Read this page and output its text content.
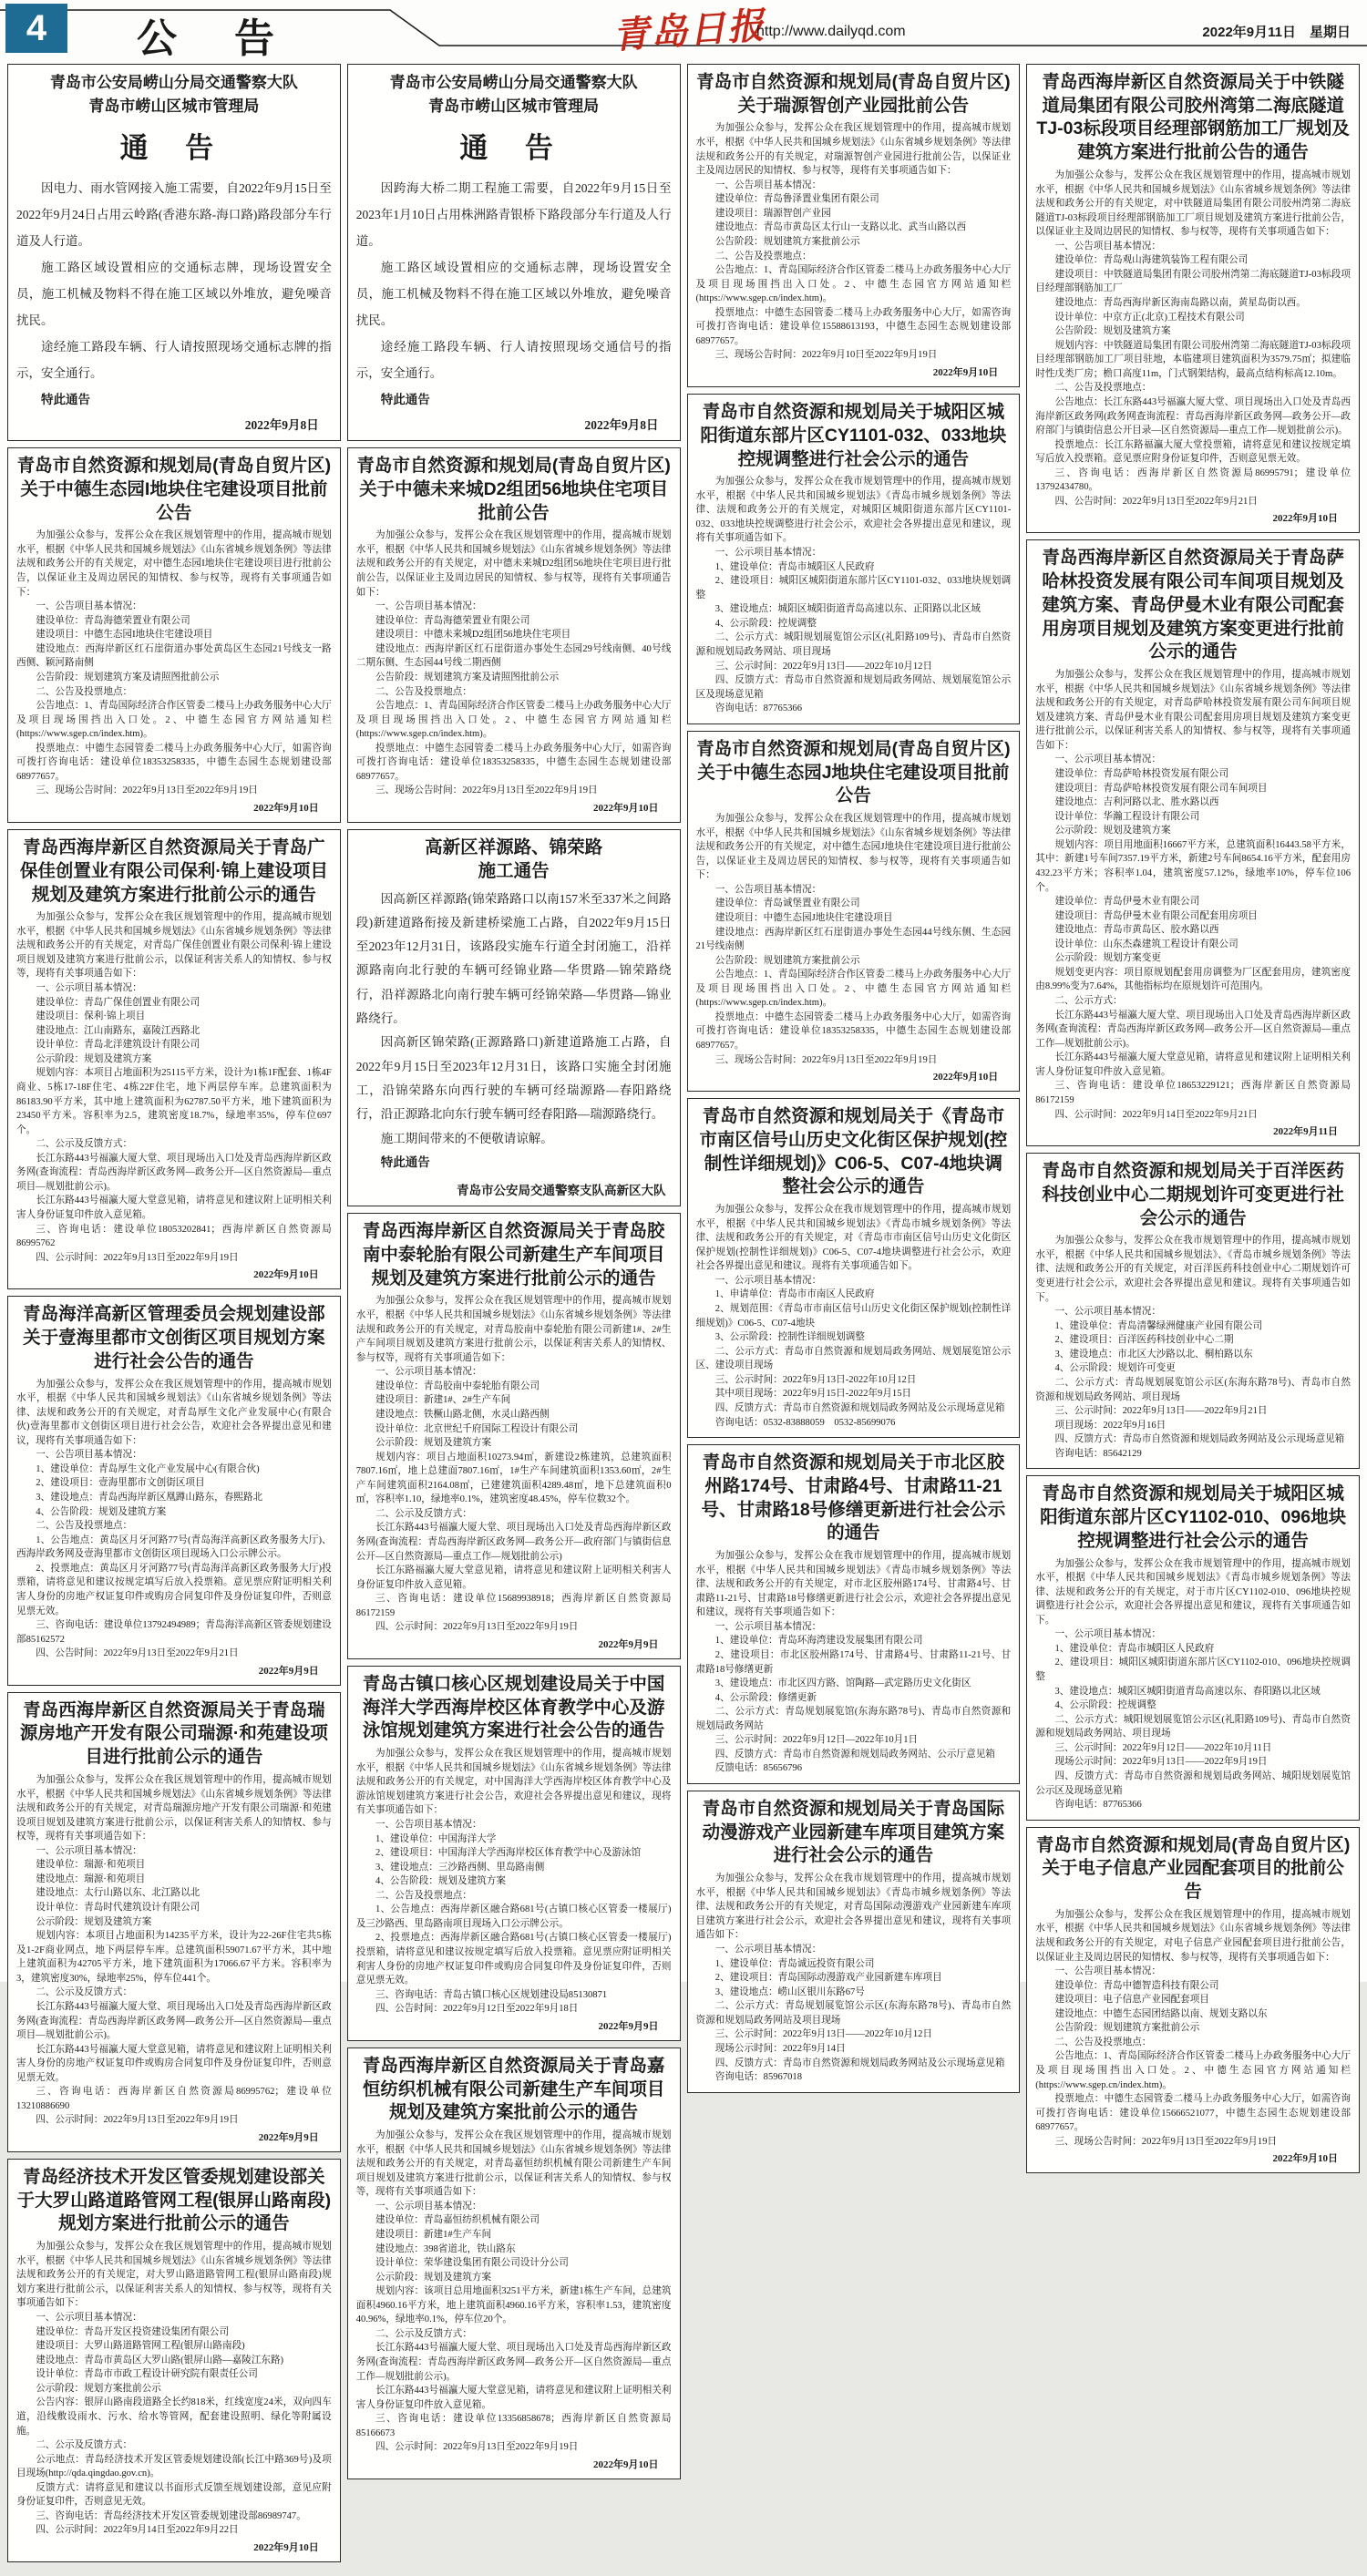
4	公 告	青岛日报
http://www.dailyqd.com	2022年9月11日　星期日
青岛市公安局崂山分局交通警察大队
青岛市崂山区城市管理局
通 告

因电力、雨水管网接入施工需要，自2022年9月15日至2022年9月24日占用云岭路(香港东路-海口路)路段部分车行道及人行道。

施工路区域设置相应的交通标志牌，现场设置安全员，施工机械及物料不得在施工区域以外堆放，避免噪音扰民。

途经施工路段车辆、行人请按照现场交通标志牌的指示，安全通行。

特此通告

2022年9月8日
青岛市自然资源和规划局(青岛自贸片区)关于中德生态园I地块住宅建设项目批前公告

为加强公众参与，发挥公众在我区规划管理中的作用，提高城市规划水平，根据《中华人民共和国城乡规划法》《山东省城乡规划条例》等法律法规和政务公开的有关规定，对中德生态园I地块住宅建设项目进行批前公告，以保证业主及周边居民的知情权、参与权等，现将有关事项通告如下：

一、公告项目基本情况：

建设单位：青岛海德荣置业有限公司

建设项目：中德生态园I地块住宅建设项目

建设地点：西海岸新区红石崖街道办事处黄岛区生态园21号线支一路西侧、颖河路南侧

公告阶段：规划建筑方案及请照图批前公示

二、公告及投票地点：

公告地点：1、青岛国际经济合作区管委二楼马上办政务服务中心大厅及项目现场围挡出入口处。2、中德生态园官方网站通知栏(https://www.sgep.cn/index.htm)。

投票地点：中德生态园管委二楼马上办政务服务中心大厅，如需咨询可拨打咨询电话：建设单位18353258335，中德生态园生态规划建设部68977657。

三、现场公告时间：2022年9月13日至2022年9月19日

2022年9月10日
青岛西海岸新区自然资源局关于青岛广保佳创置业有限公司保利·锦上建设项目规划及建筑方案进行批前公示的通告

为加强公众参与，发挥公众在我区规划管理中的作用，提高城市规划水平，根据《中华人民共和国城乡规划法》《山东省城乡规划条例》等法律法规和政务公开的有关规定，对青岛广保佳创置业有限公司保利·锦上建设项目规划及建筑方案进行批前公示，以保证利害关系人的知情权、参与权等，现将有关事项通告如下：

一、公示项目基本情况：

建设单位：青岛广保佳创置业有限公司

建设项目：保利·锦上项目

建设地点：江山南路东，嘉陵江西路北

设计单位：青岛北洋建筑设计有限公司

公示阶段：规划及建筑方案

规划内容：本项目占地面积为25115平方米，设计为1栋1F配套、1栋4F商业、5栋17-18F住宅、4栋22F住宅，地下两层停车库。总建筑面积为86183.90平方米，其中地上建筑面积为62787.50平方米，地下建筑面积为23450平方米。容积率为2.5，建筑密度18.7%，绿地率35%，停车位697个。

二、公示及反馈方式：

长江东路443号福瀛大厦大堂、项目现场出入口处及青岛西海岸新区政务网(查询流程：青岛西海岸新区政务网—政务公开—区自然资源局—重点项目—规划批前公示)。

长江东路443号福瀛大厦大堂意见箱，请将意见和建议附上证明相关利害人身份证复印件放入意见箱。

三、咨询电话：建设单位18053202841；西海岸新区自然资源局86995762

四、公示时间：2022年9月13日至2022年9月19日

2022年9月10日
青岛海洋高新区管理委员会规划建设部关于壹海里都市文创街区项目规划方案进行社会公告的通告

为加强公众参与，发挥公众在我区规划管理中的作用，提高城市规划水平，根据《中华人民共和国城乡规划法》《山东省城乡规划条例》等法律、法规和政务公开的有关规定，对青岛厚生文化产业发展中心(有限合伙)壹海里都市文创街区项目进行社会公告，欢迎社会各界提出意见和建议，现将有关事项通告如下：

一、公告项目基本情况：

1、建设单位：青岛厚生文化产业发展中心(有限合伙)

2、建设项目：壹海里都市文创街区项目

3、建设地点：青岛西海岸新区凰蹲山路东，春熙路北

4、公告阶段：规划及建筑方案

二、公告及投票地点：

1、公告地点：黄岛区月牙河路77号(青岛海洋高新区政务服务大厅)、西海岸政务网及壹海里都市文创街区项目现场入口公示牌公示。

2、投票地点：黄岛区月牙河路77号(青岛海洋高新区政务服务大厅)投票箱，请将意见和建议按规定填写后放入投票箱。意见票应附证明相关利害人身份的房地产权证复印件或购房合同复印件及身份证复印件，否则意见票无效。

三、咨询电话：建设单位13792494989；青岛海洋高新区管委规划建设部85162572

四、公告时间：2022年9月13日至2022年9月21日

2022年9月9日
青岛西海岸新区自然资源局关于青岛瑞源房地产开发有限公司瑞源·和苑建设项目进行批前公示的通告

为加强公众参与，发挥公众在我区规划管理中的作用，提高城市规划水平，根据《中华人民共和国城乡规划法》《山东省城乡规划条例》等法律法规和政务公开的有关规定，对青岛瑞源房地产开发有限公司瑞源·和苑建设项目规划及建筑方案进行批前公示，以保证利害关系人的知情权、参与权等，现将有关事项通告如下：

一、公示项目基本情况：

建设单位：瑞源·和苑项目

建设地点：瑞源·和苑项目

建设地点：太行山路以东、北江路以北

设计单位：青岛时代建筑设计有限公司

公示阶段：规划及建筑方案

规划内容：本项目占地面积为14235平方米，设计为22-26F住宅共5栋及1-2F商业网点，地下两层停车库。总建筑面积59071.67平方米，其中地上建筑面积为42705平方米，地下建筑面积为17066.67平方米。容积率为3，建筑密度30%，绿地率25%，停车位441个。

二、公示及反馈方式：

长江东路443号福瀛大厦大堂、项目现场出入口处及青岛西海岸新区政务网(查询流程：青岛西海岸新区政务网—政务公开—区自然资源局—重点项目—规划批前公示)。

长江东路443号福瀛大厦大堂意见箱，请将意见和建议附上证明相关利害人身份的房地产权证复印件或购房合同复印件及身份证复印件，否则意见票无效。

三、咨询电话：西海岸新区自然资源局86995762；建设单位13210886690

四、公示时间：2022年9月13日至2022年9月19日

2022年9月9日
青岛经济技术开发区管委规划建设部关于大罗山路道路管网工程(银屏山路南段)规划方案进行批前公示的通告

为加强公众参与，发挥公众在我区规划管理中的作用，提高城市规划水平，根据《中华人民共和国城乡规划法》《山东省城乡规划条例》等法律法规和政务公开的有关规定，对大罗山路道路管网工程(银屏山路南段)规划方案进行批前公示，以保证利害关系人的知情权、参与权等，现将有关事项通告如下：

一、公示项目基本情况：

建设单位：青岛开发区投资建设集团有限公司

建设项目：大罗山路道路管网工程(银屏山路南段)

建设地点：青岛市黄岛区大罗山路(银屏山路—嘉陵江东路)

设计单位：青岛市市政工程设计研究院有限责任公司

公示阶段：规划方案批前公示

公告内容：银屏山路南段道路全长约818米，红线宽度24米，双向四车道，沿线敷设雨水、污水、给水等管网，配套建设照明、绿化等附属设施。

二、公示及反馈方式：

公示地点：青岛经济技术开发区管委规划建设部(长江中路369号)及项目现场(http://qda.qingdao.gov.cn)。

反馈方式：请将意见和建议以书面形式反馈至规划建设部，意见应附身份证复印件，否则意见无效。

三、咨询电话：青岛经济技术开发区管委规划建设部86989747。

四、公示时间：2022年9月14日至2022年9月22日

2022年9月10日
青岛市公安局崂山分局交通警察大队
青岛市崂山区城市管理局
通 告

因跨海大桥二期工程施工需要，自2022年9月15日至2023年1月10日占用株洲路青银桥下路段部分车行道及人行道。

施工路区域设置相应的交通标志牌，现场设置安全员，施工机械及物料不得在施工区域以外堆放，避免噪音扰民。

途经施工路段车辆、行人请按照现场交通信号的指示，安全通行。

特此通告

2022年9月8日
青岛市自然资源和规划局(青岛自贸片区)关于中德未来城D2组团56地块住宅项目批前公告

为加强公众参与，发挥公众在我区规划管理中的作用，提高城市规划水平，根据《中华人民共和国城乡规划法》《山东省城乡规划条例》等法律法规和政务公开的有关规定，对中德未来城D2组团56地块住宅项目进行批前公告，以保证业主及周边居民的知情权、参与权等，现将有关事项通告如下：

一、公告项目基本情况：

建设单位：青岛海德荣置业有限公司

建设项目：中德未来城D2组团56地块住宅项目

建设地点：西海岸新区红石崖街道办事处生态园29号线南侧、40号线二期东侧、生态园44号线二期西侧

公告阶段：规划建筑方案及请照图批前公示

二、公告及投票地点：

公告地点：1、青岛国际经济合作区管委二楼马上办政务服务中心大厅及项目现场围挡出入口处。2、中德生态园官方网站通知栏(https://www.sgep.cn/index.htm)。

投票地点：中德生态园管委二楼马上办政务服务中心大厅，如需咨询可拨打咨询电话：建设单位18353258335，中德生态园生态规划建设部68977657。

三、现场公告时间：2022年9月13日至2022年9月19日

2022年9月10日
高新区祥源路、锦荣路
施工通告

因高新区祥源路(锦荣路路口以南157米至337米之间路段)新建道路衔接及新建桥梁施工占路，自2022年9月15日至2023年12月31日，该路段实施车行道全封闭施工，沿祥源路南向北行驶的车辆可经锦业路—华贯路—锦荣路绕行，沿祥源路北向南行驶车辆可经锦荣路—华贯路—锦业路绕行。

因高新区锦荣路(正源路路口)新建道路施工占路，自2022年9月15日至2023年12月31日，该路口实施全封闭施工，沿锦荣路东向西行驶的车辆可经瑞源路—春阳路绕行，沿正源路北向东行驶车辆可经春阳路—瑞源路绕行。

施工期间带来的不便敬请谅解。

特此通告

青岛市公安局交通警察支队高新区大队
青岛西海岸新区自然资源局关于青岛胶南中泰轮胎有限公司新建生产车间项目规划及建筑方案进行批前公示的通告

为加强公众参与，发挥公众在我区规划管理中的作用，提高城市规划水平，根据《中华人民共和国城乡规划法》《山东省城乡规划条例》等法律法规和政务公开的有关规定，对青岛胶南中泰轮胎有限公司新建1#、2#生产车间项目规划及建筑方案进行批前公示，以保证利害关系人的知情权、参与权等，现将有关事项通告如下：

一、公示项目基本情况：

建设单位：青岛胶南中泰轮胎有限公司

建设项目：新建1#、2#生产车间

建设地点：铁橛山路北侧，水灵山路西侧

设计单位：北京世纪千府国际工程设计有限公司

公示阶段：规划及建筑方案

规划内容：项目占地面积10273.94㎡，新建设2栋建筑，总建筑面积7807.16㎡，地上总建面7807.16㎡，1#生产车间建筑面积1353.60㎡，2#生产车间建筑面积2164.08㎡，已建建筑面积4289.48㎡，地下总建筑面积0㎡，容积率1.10，绿地率0.1%，建筑密度48.45%，停车位数32个。

二、公示及反馈方式：

长江东路443号福瀛大厦大堂、项目现场出入口处及青岛西海岸新区政务网(查询流程：青岛西海岸新区政务网—政务公开—政府部门与镇街信息公开—区自然资源局—重点工作—规划批前公示)

长江东路福瀛大厦大堂意见箱，请将意见和建议附上证明相关利害人身份证复印件放入意见箱。

三、咨询电话：建设单位15689938918；西海岸新区自然资源局86172159

四、公示时间：2022年9月13日至2022年9月19日

2022年9月9日
青岛古镇口核心区规划建设局关于中国海洋大学西海岸校区体育教学中心及游泳馆规划建筑方案进行社会公告的通告

为加强公众参与，发挥公众在我区规划管理中的作用，提高城市规划水平，根据《中华人民共和国城乡规划法》《山东省城乡规划条例》等法律法规和政务公开的有关规定，对中国海洋大学西海岸校区体育教学中心及游泳馆规划建筑方案进行社会公告，欢迎社会各界提出意见和建议，现将有关事项通告如下：

一、公告项目基本情况：

1、建设单位：中国海洋大学

2、建设项目：中国海洋大学西海岸校区体育教学中心及游泳馆

3、建设地点：三沙路西侧、里岛路南侧

4、公告阶段：规划及建筑方案

二、公告及投票地点：

1、公告地点：西海岸新区融合路681号(古镇口核心区管委一楼展厅)及三沙路西、里岛路南项目现场入口公示牌公示。

2、投票地点：西海岸新区融合路681号(古镇口核心区管委一楼展厅)投票箱，请将意见和建议按规定填写后放入投票箱。意见票应附证明相关利害人身份的房地产权证复印件或购房合同复印件及身份证复印件，否则意见票无效。

三、咨询电话：青岛古镇口核心区规划建设局85130871

四、公告时间：2022年9月12日至2022年9月18日

2022年9月9日
青岛西海岸新区自然资源局关于青岛嘉恒纺织机械有限公司新建生产车间项目规划及建筑方案批前公示的通告

为加强公众参与，发挥公众在我区规划管理中的作用，提高城市规划水平，根据《中华人民共和国城乡规划法》《山东省城乡规划条例》等法律法规和政务公开的有关规定，对青岛嘉恒纺织机械有限公司新建生产车间项目规划及建筑方案进行批前公示，以保证利害关系人的知情权、参与权等，现将有关事项通告如下：

一、公示项目基本情况：

建设单位：青岛嘉恒纺织机械有限公司

建设项目：新建1#生产车间

建设地点：398省道北，铁山路东

设计单位：荣华建设集团有限公司设计分公司

公示阶段：规划及建筑方案

规划内容：该项目总用地面积3251平方米，新建1栋生产车间，总建筑面积4960.16平方米，地上建筑面积4960.16平方米，容积率1.53，建筑密度40.96%，绿地率0.1%，停车位20个。

二、公示及反馈方式：

长江东路443号福瀛大厦大堂、项目现场出入口处及青岛西海岸新区政务网(查询流程：青岛西海岸新区政务网—政务公开—区自然资源局—重点工作—规划批前公示)。

长江东路443号福瀛大厦大堂意见箱，请将意见和建议附上证明相关利害人身份证复印件放入意见箱。

三、咨询电话：建设单位13356858678；西海岸新区自然资源局85166673

四、公示时间：2022年9月13日至2022年9月19日

2022年9月10日
青岛市自然资源和规划局(青岛自贸片区)关于瑞源智创产业园批前公告

为加强公众参与，发挥公众在我区规划管理中的作用，提高城市规划水平，根据《中华人民共和国城乡规划法》《山东省城乡规划条例》等法律法规和政务公开的有关规定，对瑞源智创产业园进行批前公告，以保证业主及周边居民的知情权、参与权等，现将有关事项通告如下：

一、公告项目基本情况：

建设单位：青岛鲁泽置业集团有限公司

建设项目：瑞源智创产业园

建设地点：青岛市黄岛区太行山一支路以北、武当山路以西

公告阶段：规划建筑方案批前公示

二、公告及投票地点：

公告地点：1、青岛国际经济合作区管委二楼马上办政务服务中心大厅及项目现场围挡出入口处。2、中德生态园官方网站通知栏(https://www.sgep.cn/index.htm)。

投票地点：中德生态园管委二楼马上办政务服务中心大厅，如需咨询可拨打咨询电话：建设单位15588613193，中德生态园生态规划建设部68977657。

三、现场公告时间：2022年9月10日至2022年9月19日

2022年9月10日
青岛市自然资源和规划局关于城阳区城阳街道东部片区CY1101-032、033地块控规调整进行社会公示的通告

为加强公众参与，发挥公众在我市规划管理中的作用，提高城市规划水平，根据《中华人民共和国城乡规划法》《青岛市城乡规划条例》等法律、法规和政务公开的有关规定，对城阳区城阳街道东部片区CY1101-032、033地块控规调整进行社会公示，欢迎社会各界提出意见和建议，现将有关事项通告如下。

一、公示项目基本情况：

1、建设单位：青岛市城阳区人民政府

2、建设项目：城阳区城阳街道东部片区CY1101-032、033地块规划调整

3、建设地点：城阳区城阳街道青岛高速以东、正阳路以北区域

4、公示阶段：控规调整

二、公示方式：城阳规划展览馆公示区(礼阳路109号)、青岛市自然资源和规划局政务网站、项目现场

三、公示时间：2022年9月13日——2022年10月12日

四、反馈方式：青岛市自然资源和规划局政务网站、规划展览馆公示区及现场意见箱

咨询电话：87765366

青岛市自然资源和规划局(青岛自贸片区)关于中德生态园J地块住宅建设项目批前公告

为加强公众参与，发挥公众在我区规划管理中的作用，提高城市规划水平，根据《中华人民共和国城乡规划法》《山东省城乡规划条例》等法律法规和政务公开的有关规定，对中德生态园J地块住宅建设项目进行批前公告，以保证业主及周边居民的知情权、参与权等，现将有关事项通告如下：

一、公告项目基本情况：

建设单位：青岛诚堡置业有限公司

建设项目：中德生态园J地块住宅建设项目

建设地点：西海岸新区红石崖街道办事处生态园44号线东侧、生态园21号线南侧

公告阶段：规划建筑方案批前公示

公告地点：1、青岛国际经济合作区管委二楼马上办政务服务中心大厅及项目现场围挡出入口处。2、中德生态园官方网站通知栏(https://www.sgep.cn/index.htm)。

投票地点：中德生态园管委二楼马上办政务服务中心大厅，如需咨询可拨打咨询电话：建设单位18353258335，中德生态园生态规划建设部68977657。

三、现场公告时间：2022年9月13日至2022年9月19日

2022年9月10日
青岛市自然资源和规划局关于《青岛市市南区信号山历史文化街区保护规划(控制性详细规划)》C06-5、C07-4地块调整社会公示的通告

为加强公众参与，发挥公众在我市规划管理中的作用，提高城市规划水平，根据《中华人民共和国城乡规划法》《青岛市城乡规划条例》等法律、法规和政务公开的有关规定，对《青岛市市南区信号山历史文化街区保护规划(控制性详细规划)》C06-5、C07-4地块调整进行社会公示，欢迎社会各界提出意见和建议。现将有关事项通告如下。

一、公示项目基本情况：

1、申请单位：青岛市市南区人民政府

2、规划范围：《青岛市市南区信号山历史文化街区保护规划(控制性详细规划)》C06-5、C07-4地块

3、公示阶段：控制性详细规划调整

二、公示方式：青岛市自然资源和规划局政务网站、规划展览馆公示区、建设项目现场

三、公示时间：2022年9月13日-2022年10月12日

其中项目现场：2022年9月15日-2022年9月15日

四、反馈方式：青岛市自然资源和规划局政务网站及公示现场意见箱

咨询电话：0532-83888059　0532-85699076

青岛市自然资源和规划局关于市北区胶州路174号、甘肃路4号、甘肃路11-21号、甘肃路18号修缮更新进行社会公示的通告

为加强公众参与，发挥公众在我市规划管理中的作用，提高城市规划水平，根据《中华人民共和国城乡规划法》《青岛市城乡规划条例》等法律、法规和政务公开的有关规定，对市北区胶州路174号、甘肃路4号、甘肃路11-21号、甘肃路18号修缮更新进行社会公示，欢迎社会各界提出意见和建议，现将有关事项通告如下：

一、公示项目基本情况：

1、建设单位：青岛环海湾建设发展集团有限公司

2、建设项目：市北区胶州路174号、甘肃路4号、甘肃路11-21号、甘肃路18号修缮更新

3、建设地点：市北区四方路、馆陶路—武定路历史文化街区

4、公示阶段：修缮更新

二、公示方式：青岛规划展览馆(东海东路78号)、青岛市自然资源和规划局政务网站

三、公示时间：2022年9月12日—2022年10月1日

四、反馈方式：青岛市自然资源和规划局政务网站、公示厅意见箱

反馈电话：85656796

青岛市自然资源和规划局关于青岛国际动漫游戏产业园新建车库项目建筑方案进行社会公示的通告

为加强公众参与，发挥公众在我市规划管理中的作用，提高城市规划水平，根据《中华人民共和国城乡规划法》《青岛市城乡规划条例》等法律、法规和政务公开的有关规定，对青岛国际动漫游戏产业园新建车库项目建筑方案进行社会公示，欢迎社会各界提出意见和建议，现将有关事项通告如下：

一、公示项目基本情况：

1、建设单位：青岛诚远投资有限公司

2、建设项目：青岛国际动漫游戏产业园新建车库项目

3、建设地点：崂山区银川东路67号

二、公示方式：青岛规划展览馆公示区(东海东路78号)、青岛市自然资源和规划局政务网站及项目现场

三、公示时间：2022年9月13日——2022年10月12日

现场公示时间：2022年9月14日

四、反馈方式：青岛市自然资源和规划局政务网站及公示现场意见箱

咨询电话：85967018

青岛西海岸新区自然资源局关于中铁隧道局集团有限公司胶州湾第二海底隧道TJ-03标段项目经理部钢筋加工厂规划及建筑方案进行批前公告的通告

为加强公众参与，发挥公众在我区规划管理中的作用，提高城市规划水平，根据《中华人民共和国城乡规划法》《山东省城乡规划条例》等法律法规和政务公开的有关规定，对中铁隧道局集团有限公司胶州湾第二海底隧道TJ-03标段项目经理部钢筋加工厂项目规划及建筑方案进行批前公告，以保证业主及周边居民的知情权、参与权等，现将有关事项通告如下：

一、公告项目基本情况：

建设单位：青岛观山海建筑装饰工程有限公司

建设项目：中铁隧道局集团有限公司胶州湾第二海底隧道TJ-03标段项目经理部钢筋加工厂

建设地点：青岛西海岸新区海南岛路以南，黄星岛街以西。

设计单位：中京方正(北京)工程技术有限公司

公告阶段：规划及建筑方案

规划内容：中铁隧道局集团有限公司胶州湾第二海底隧道TJ-03标段项目经理部钢筋加工厂项目驻地，本临建项目建筑面积为3579.75㎡；拟建临时性戊类厂房；檐口高度11m，门式钢架结构，最高点结构标高12.10m。

二、公告及投票地点：

公告地点：长江东路443号福瀛大厦大堂、项目现场出入口处及青岛西海岸新区政务网(政务网查询流程：青岛西海岸新区政务网—政务公开—政府部门与镇街信息公开目录—区自然资源局—重点工作—规划批前公示)。

投票地点：长江东路福瀛大厦大堂投票箱，请将意见和建议按规定填写后放入投票箱。意见票应附身份证复印件，否则意见票无效。

三、咨询电话：西海岸新区自然资源局86995791；建设单位13792434780。

四、公告时间：2022年9月13日至2022年9月21日

2022年9月10日
青岛西海岸新区自然资源局关于青岛萨哈林投资发展有限公司车间项目规划及建筑方案、青岛伊曼木业有限公司配套用房项目规划及建筑方案变更进行批前公示的通告

为加强公众参与，发挥公众在我区规划管理中的作用，提高城市规划水平，根据《中华人民共和国城乡规划法》《山东省城乡规划条例》等法律法规和政务公开的有关规定，对青岛萨哈林投资发展有限公司车间项目规划及建筑方案、青岛伊曼木业有限公司配套用房项目规划及建筑方案变更进行批前公示，以保证利害关系人的知情权、参与权等，现将有关事项通告如下：

一、公示项目基本情况：

建设单位：青岛萨哈林投资发展有限公司

建设项目：青岛萨哈林投资发展有限公司车间项目

建设地点：吉利河路以北、胜水路以西

设计单位：华瀚工程设计有限公司

公示阶段：规划及建筑方案

规划内容：项目用地面积16667平方米，总建筑面积16443.58平方米，其中：新建1号车间7357.19平方米，新建2号车间8654.16平方米，配套用房432.23平方米；容积率1.04，建筑密度57.12%，绿地率10%，停车位106个。

建设单位：青岛伊曼木业有限公司

建设项目：青岛伊曼木业有限公司配套用房项目

建设地点：青岛市黄岛区、胶水路以西

设计单位：山东杰森建筑工程设计有限公司

公示阶段：规划方案变更

规划变更内容：项目原规划配套用房调整为厂区配套用房，建筑密度由8.99%变为7.64%，其他指标均在原规划许可范围内。

二、公示方式：

长江东路443号福瀛大厦大堂、项目现场出入口处及青岛西海岸新区政务网(查询流程：青岛西海岸新区政务网—政务公开—区自然资源局—重点工作—规划批前公示)。

长江东路443号福瀛大厦大堂意见箱，请将意见和建议附上证明相关利害人身份证复印件放入意见箱。

三、咨询电话：建设单位18653229121；西海岸新区自然资源局86172159

四、公示时间：2022年9月14日至2022年9月21日

2022年9月11日
青岛市自然资源和规划局关于百洋医药科技创业中心二期规划许可变更进行社会公示的通告

为加强公众参与，发挥公众在我市规划管理中的作用，提高城市规划水平，根据《中华人民共和国城乡规划法》、《青岛市城乡规划条例》等法律、法规和政务公开的有关规定，对百洋医药科技创业中心二期规划许可变更进行社会公示，欢迎社会各界提出意见和建议。现将有关事项通告如下。

一、公示项目基本情况：

1、建设单位：青岛清馨绿洲健康产业园有限公司

2、建设项目：百洋医药科技创业中心二期

3、建设地点：市北区大沙路以北、桐柏路以东

4、公示阶段：规划许可变更

二、公示方式：青岛规划展览馆公示区(东海东路78号)、青岛市自然资源和规划局政务网站、项目现场

三、公示时间：2022年9月13日——2022年9月21日

项目现场：2022年9月16日

四、反馈方式：青岛市自然资源和规划局政务网站及公示现场意见箱

咨询电话：85642129

青岛市自然资源和规划局关于城阳区城阳街道东部片区CY1102-010、096地块控规调整进行社会公示的通告

为加强公众参与，发挥公众在我市规划管理中的作用，提高城市规划水平，根据《中华人民共和国城乡规划法》《青岛市城乡规划条例》等法律、法规和政务公开的有关规定，对于市片区CY1102-010、096地块控规调整进行社会公示，欢迎社会各界提出意见和建议，现将有关事项通告如下。

一、公示项目基本情况：

1、建设单位：青岛市城阳区人民政府

2、建设项目：城阳区城阳街道东部片区CY1102-010、096地块控规调整

3、建设地点：城阳区城阳街道青岛高速以东、春阳路以北区域

4、公示阶段：控规调整

二、公示方式：城阳规划展览馆公示区(礼阳路109号)、青岛市自然资源和规划局政务网站、项目现场

三、公示时间：2022年9月12日——2022年10月11日

现场公示时间：2022年9月13日——2022年9月19日

四、反馈方式：青岛市自然资源和规划局政务网站、城阳规划展览馆公示区及现场意见箱

咨询电话：87765366

青岛市自然资源和规划局(青岛自贸片区)关于电子信息产业园配套项目的批前公告

为加强公众参与，发挥公众在我区规划管理中的作用，提高城市规划水平，根据《中华人民共和国城乡规划法》《山东省城乡规划条例》等法律法规和政务公开的有关规定，对电子信息产业园配套项目进行批前公告，以保证业主及周边居民的知情权、参与权等，现将有关事项通告如下：

一、公告项目基本情况：

建设单位：青岛中德智造科技有限公司

建设项目：电子信息产业园配套项目

建设地点：中德生态园团结路以南、规划支路以东

公告阶段：规划建筑方案批前公示

二、公告及投票地点：

公告地点：1、青岛国际经济合作区管委二楼马上办政务服务中心大厅及项目现场围挡出入口处。2、中德生态园官方网站通知栏(https://www.sgep.cn/index.htm)。

投票地点：中德生态园管委二楼马上办政务服务中心大厅，如需咨询可拨打咨询电话：建设单位15666521077，中德生态园生态规划建设部68977657。

三、现场公告时间：2022年9月13日至2022年9月19日

2022年9月10日
